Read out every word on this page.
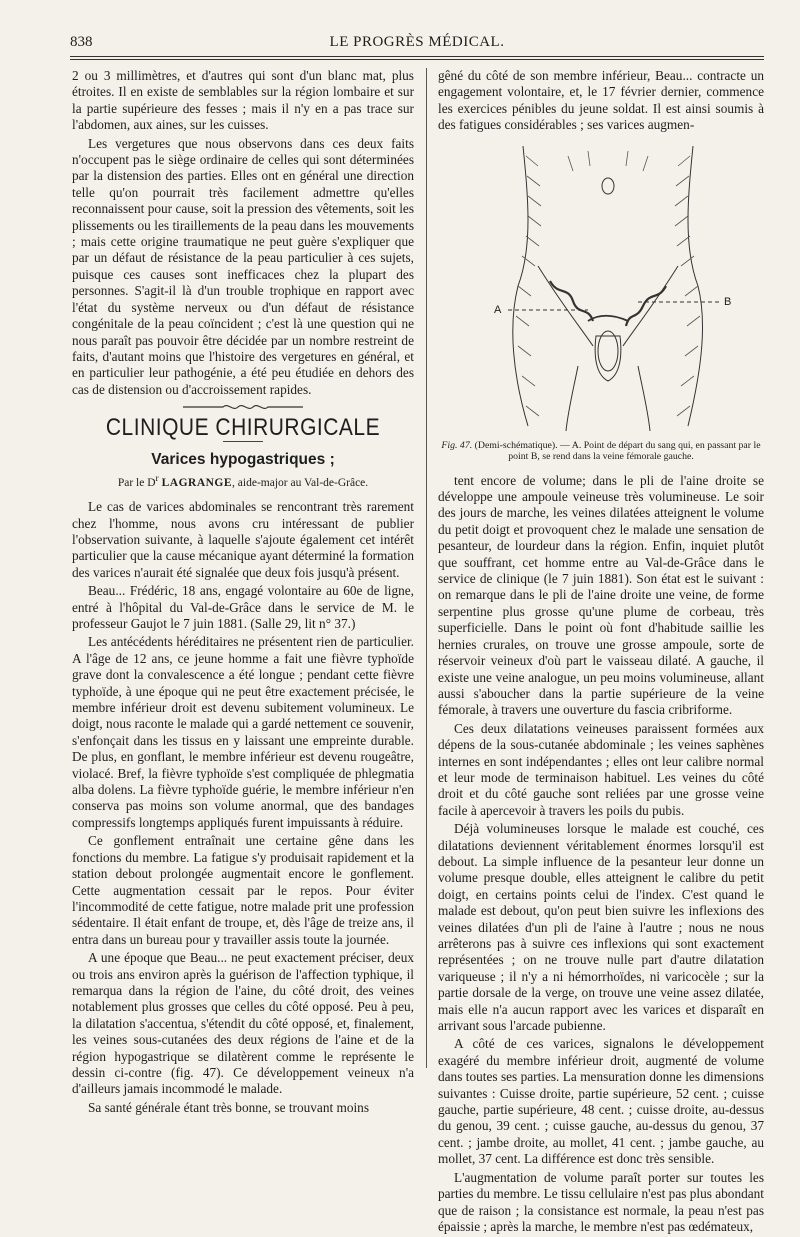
838	LE PROGRÈS MÉDICAL.

2 ou 3 millimètres, et d'autres qui sont d'un blanc mat, plus étroites. Il en existe de semblables sur la région lombaire et sur la partie supérieure des fesses ; mais il n'y en a pas trace sur l'abdomen, aux aines, sur les cuisses.

Les vergetures que nous observons dans ces deux faits n'occupent pas le siège ordinaire de celles qui sont déterminées par la distension des parties. Elles ont en général une direction telle qu'on pourrait très facilement admettre qu'elles reconnaissent pour cause, soit la pression des vêtements, soit les plissements ou les tiraillements de la peau dans les mouvements ; mais cette origine traumatique ne peut guère s'expliquer que par un défaut de résistance de la peau particulier à ces sujets, puisque ces causes sont inefficaces chez la plupart des personnes. S'agit-il là d'un trouble trophique en rapport avec l'état du système nerveux ou d'un défaut de résistance congénitale de la peau coïncident ; c'est là une question qui ne nous paraît pas pouvoir être décidée par un nombre restreint de faits, d'autant moins que l'histoire des vergetures en général, et en particulier leur pathogénie, a été peu étudiée en dehors des cas de distension ou d'accroissement rapides.

CLINIQUE CHIRURGICALE
Varices hypogastriques ;
Par le $D^r$ LAGRANGE, aide-major au Val-de-Grâce.

Le cas de varices abdominales se rencontrant très rarement chez l'homme, nous avons cru intéressant de publier l'observation suivante, à laquelle s'ajoute également cet intérêt particulier que la cause mécanique ayant déterminé la formation des varices n'aurait été signalée que deux fois jusqu'à présent.

Beau... Frédéric, 18 ans, engagé volontaire au 60e de ligne, entré à l'hôpital du Val-de-Grâce dans le service de M. le professeur Gaujot le 7 juin 1881. (Salle 29, lit n° 37.)

Les antécédents héréditaires ne présentent rien de particulier. A l'âge de 12 ans, ce jeune homme a fait une fièvre typhoïde grave dont la convalescence a été longue ; pendant cette fièvre typhoïde, à une époque qui ne peut être exactement précisée, le membre inférieur droit est devenu subitement volumineux. Le doigt, nous raconte le malade qui a gardé nettement ce souvenir, s'enfonçait dans les tissus en y laissant une empreinte durable. De plus, en gonflant, le membre inférieur est devenu rougeâtre, violacé. Bref, la fièvre typhoïde s'est compliquée de phlegmatia alba dolens. La fièvre typhoïde guérie, le membre inférieur n'en conserva pas moins son volume anormal, que des bandages compressifs longtemps appliqués furent impuissants à réduire.

Ce gonflement entraînait une certaine gêne dans les fonctions du membre. La fatigue s'y produisait rapidement et la station debout prolongée augmentait encore le gonflement. Cette augmentation cessait par le repos. Pour éviter l'incommodité de cette fatigue, notre malade prit une profession sédentaire. Il était enfant de troupe, et, dès l'âge de treize ans, il entra dans un bureau pour y travailler assis toute la journée.

A une époque que Beau... ne peut exactement préciser, deux ou trois ans environ après la guérison de l'affection typhique, il remarqua dans la région de l'aine, du côté droit, des veines notablement plus grosses que celles du côté opposé. Peu à peu, la dilatation s'accentua, s'étendit du côté opposé, et, finalement, les veines sous-cutanées des deux régions de l'aine et de la région hypogastrique se dilatèrent comme le représente le dessin ci-contre (fig. 47). Ce développement veineux n'a d'ailleurs jamais incommodé le malade.

Sa santé générale étant très bonne, se trouvant moins

gêné du côté de son membre inférieur, Beau... contracte un engagement volontaire, et, le 17 février dernier, commence les exercices pénibles du jeune soldat. Il est ainsi soumis à des fatigues considérables ; ses varices augmen-

A
B
Fig. 47. (Demi-schématique). — A. Point de départ du sang qui, en passant par le point B, se rend dans la veine fémorale gauche.

tent encore de volume; dans le pli de l'aine droite se développe une ampoule veineuse très volumineuse. Le soir des jours de marche, les veines dilatées atteignent le volume du petit doigt et provoquent chez le malade une sensation de pesanteur, de lourdeur dans la région. Enfin, inquiet plutôt que souffrant, cet homme entre au Val-de-Grâce dans le service de clinique (le 7 juin 1881). Son état est le suivant : on remarque dans le pli de l'aine droite une veine, de forme serpentine plus grosse qu'une plume de corbeau, très superficielle. Dans le point où font d'habitude saillie les hernies crurales, on trouve une grosse ampoule, sorte de réservoir veineux d'où part le vaisseau dilaté. A gauche, il existe une veine analogue, un peu moins volumineuse, allant aussi s'aboucher dans la partie supérieure de la veine fémorale, à travers une ouverture du fascia cribriforme.

Ces deux dilatations veineuses paraissent formées aux dépens de la sous-cutanée abdominale ; les veines saphènes internes en sont indépendantes ; elles ont leur calibre normal et leur mode de terminaison habituel. Les veines du côté droit et du côté gauche sont reliées par une grosse veine facile à apercevoir à travers les poils du pubis.

Déjà volumineuses lorsque le malade est couché, ces dilatations deviennent véritablement énormes lorsqu'il est debout. La simple influence de la pesanteur leur donne un volume presque double, elles atteignent le calibre du petit doigt, en certains points celui de l'index. C'est quand le malade est debout, qu'on peut bien suivre les inflexions des veines dilatées d'un pli de l'aine à l'autre ; nous ne nous arrêterons pas à suivre ces inflexions qui sont exactement représentées ; on ne trouve nulle part d'autre dilatation variqueuse ; il n'y a ni hémorrhoïdes, ni varicocèle ; sur la partie dorsale de la verge, on trouve une veine assez dilatée, mais elle n'a aucun rapport avec les varices et disparaît en arrivant sous l'arcade pubienne.

A côté de ces varices, signalons le développement exagéré du membre inférieur droit, augmenté de volume dans toutes ses parties. La mensuration donne les dimensions suivantes : Cuisse droite, partie supérieure, 52 cent. ; cuisse gauche, partie supérieure, 48 cent. ; cuisse droite, au-dessus du genou, 39 cent. ; cuisse gauche, au-dessus du genou, 37 cent. ; jambe droite, au mollet, 41 cent. ; jambe gauche, au mollet, 37 cent. La différence est donc très sensible.

L'augmentation de volume paraît porter sur toutes les parties du membre. Le tissu cellulaire n'est pas plus abondant que de raison ; la consistance est normale, la peau n'est pas épaissie ; après la marche, le membre n'est pas œdémateux,
